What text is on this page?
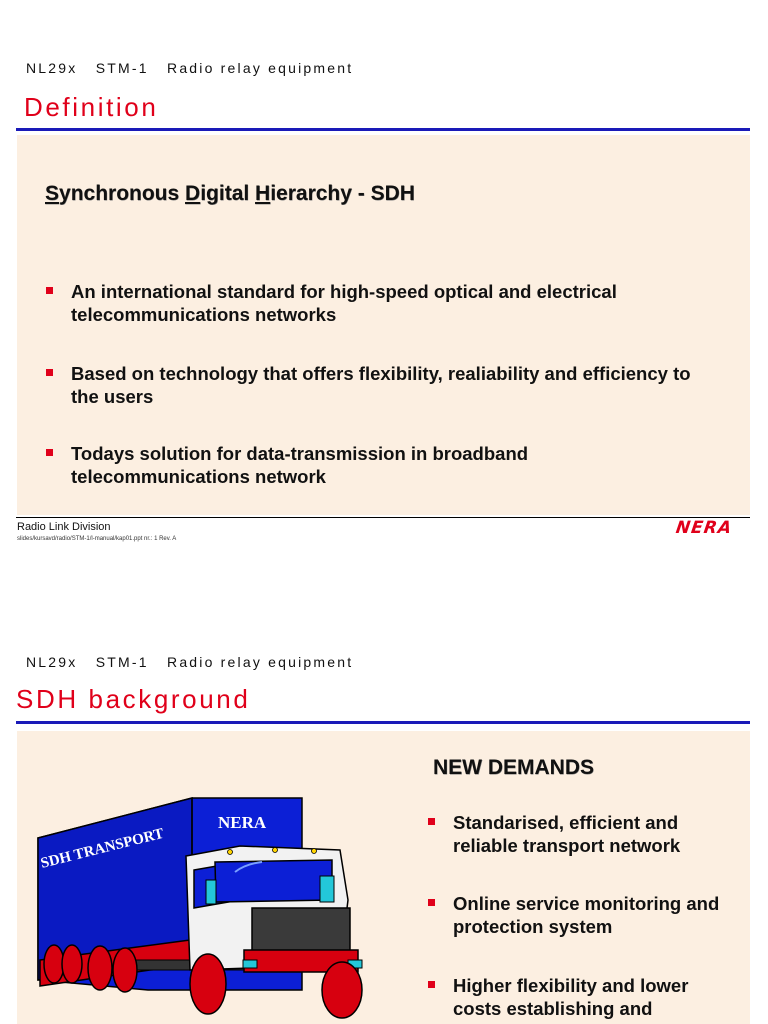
NL29x   STM-1   Radio relay equipment
Definition
Synchronous Digital Hierarchy - SDH
An international standard for high-speed optical and electrical
telecommunications networks
Based on technology that offers flexibility, realiability and efficiency to
the users
Todays solution for data-transmission in broadband
telecommunications network
Radio Link Division
slides/kursavd/radio/STM-1/l-manual/kap01.ppt nr.: 1 Rev. A
NERA
NL29x   STM-1   Radio relay equipment
SDH background
NEW DEMANDS
Standarised, efficient and
reliable transport network
Online service monitoring and
protection system
Higher flexibility and lower
costs establishing and
SDH TRANSPORT
NERA
